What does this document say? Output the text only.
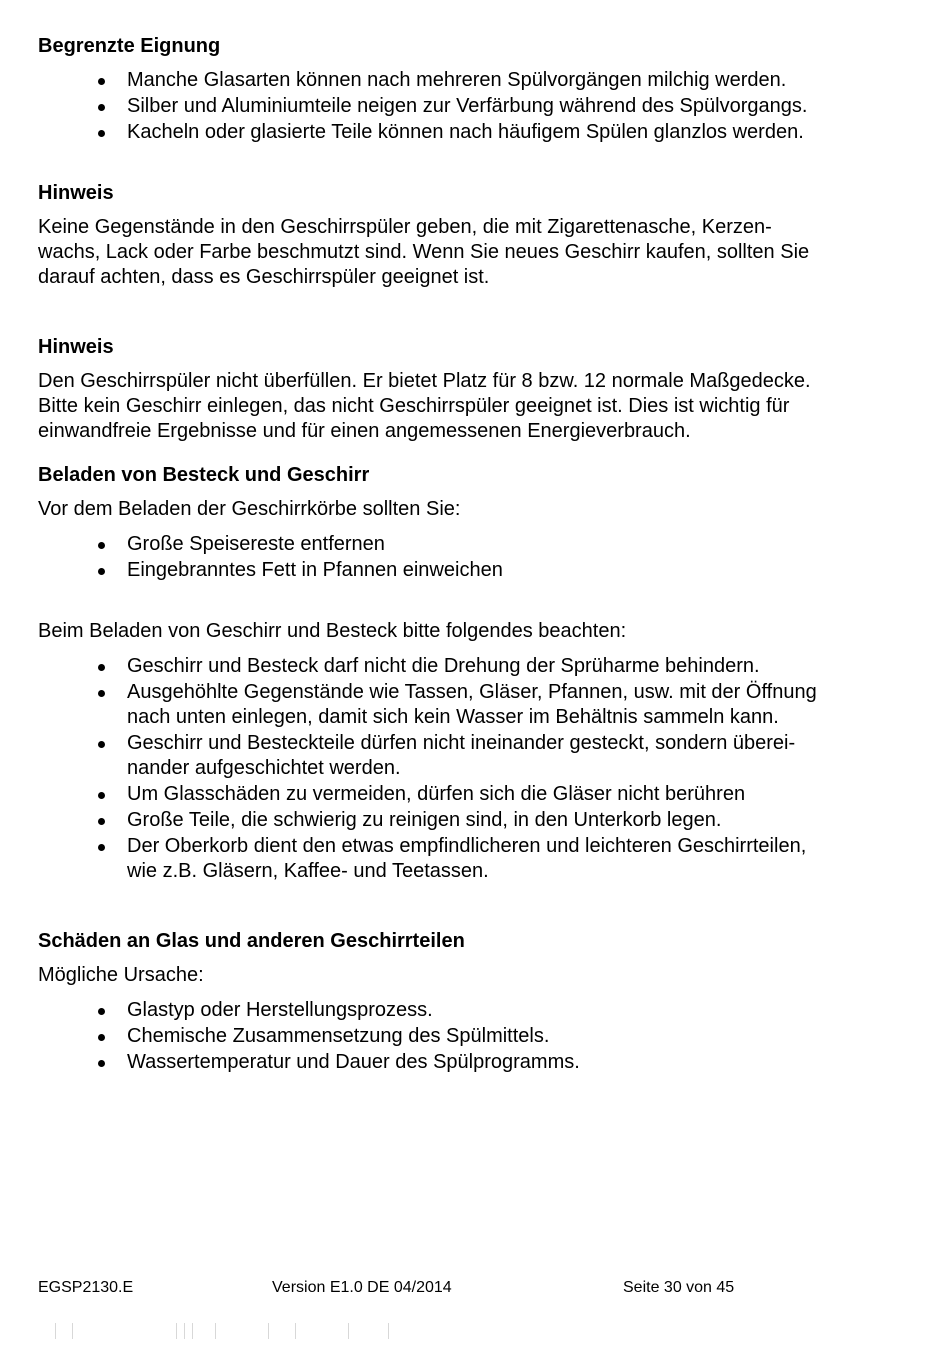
Begrenzte Eignung
Manche Glasarten können nach mehreren Spülvorgängen milchig werden.
Silber und Aluminiumteile neigen zur Verfärbung während des Spülvorgangs.
Kacheln oder glasierte Teile können nach häufigem Spülen glanzlos werden.
Hinweis
Keine Gegenstände in den Geschirrspüler geben, die mit Zigarettenasche, Kerzen-
wachs, Lack oder Farbe beschmutzt sind. Wenn Sie neues Geschirr kaufen, sollten Sie
darauf achten, dass es Geschirrspüler geeignet ist.
Hinweis
Den Geschirrspüler nicht überfüllen. Er bietet Platz für 8 bzw. 12 normale Maßgedecke.
Bitte kein Geschirr einlegen, das nicht Geschirrspüler geeignet ist. Dies ist wichtig für
einwandfreie Ergebnisse und für einen angemessenen Energieverbrauch.
Beladen von Besteck und Geschirr
Vor dem Beladen der Geschirrkörbe sollten Sie:
Große Speisereste entfernen
Eingebranntes Fett in Pfannen einweichen
Beim Beladen von Geschirr und Besteck bitte folgendes beachten:
Geschirr und Besteck darf nicht die Drehung der Sprüharme behindern.
Ausgehöhlte Gegenstände wie Tassen, Gläser, Pfannen, usw. mit der Öffnung
nach unten einlegen, damit sich kein Wasser im Behältnis sammeln kann.
Geschirr und Besteckteile dürfen nicht ineinander gesteckt, sondern überei-
nander aufgeschichtet werden.
Um Glasschäden zu vermeiden, dürfen sich die Gläser nicht berühren
Große Teile, die schwierig zu reinigen sind, in den Unterkorb legen.
Der Oberkorb dient den etwas empfindlicheren und leichteren Geschirrteilen,
wie z.B. Gläsern, Kaffee- und Teetassen.
Schäden an Glas und anderen Geschirrteilen
Mögliche Ursache:
Glastyp oder Herstellungsprozess.
Chemische Zusammensetzung des Spülmittels.
Wassertemperatur und Dauer des Spülprogramms.
EGSP2130.E	Version E1.0 DE 04/2014	Seite 30 von 45
